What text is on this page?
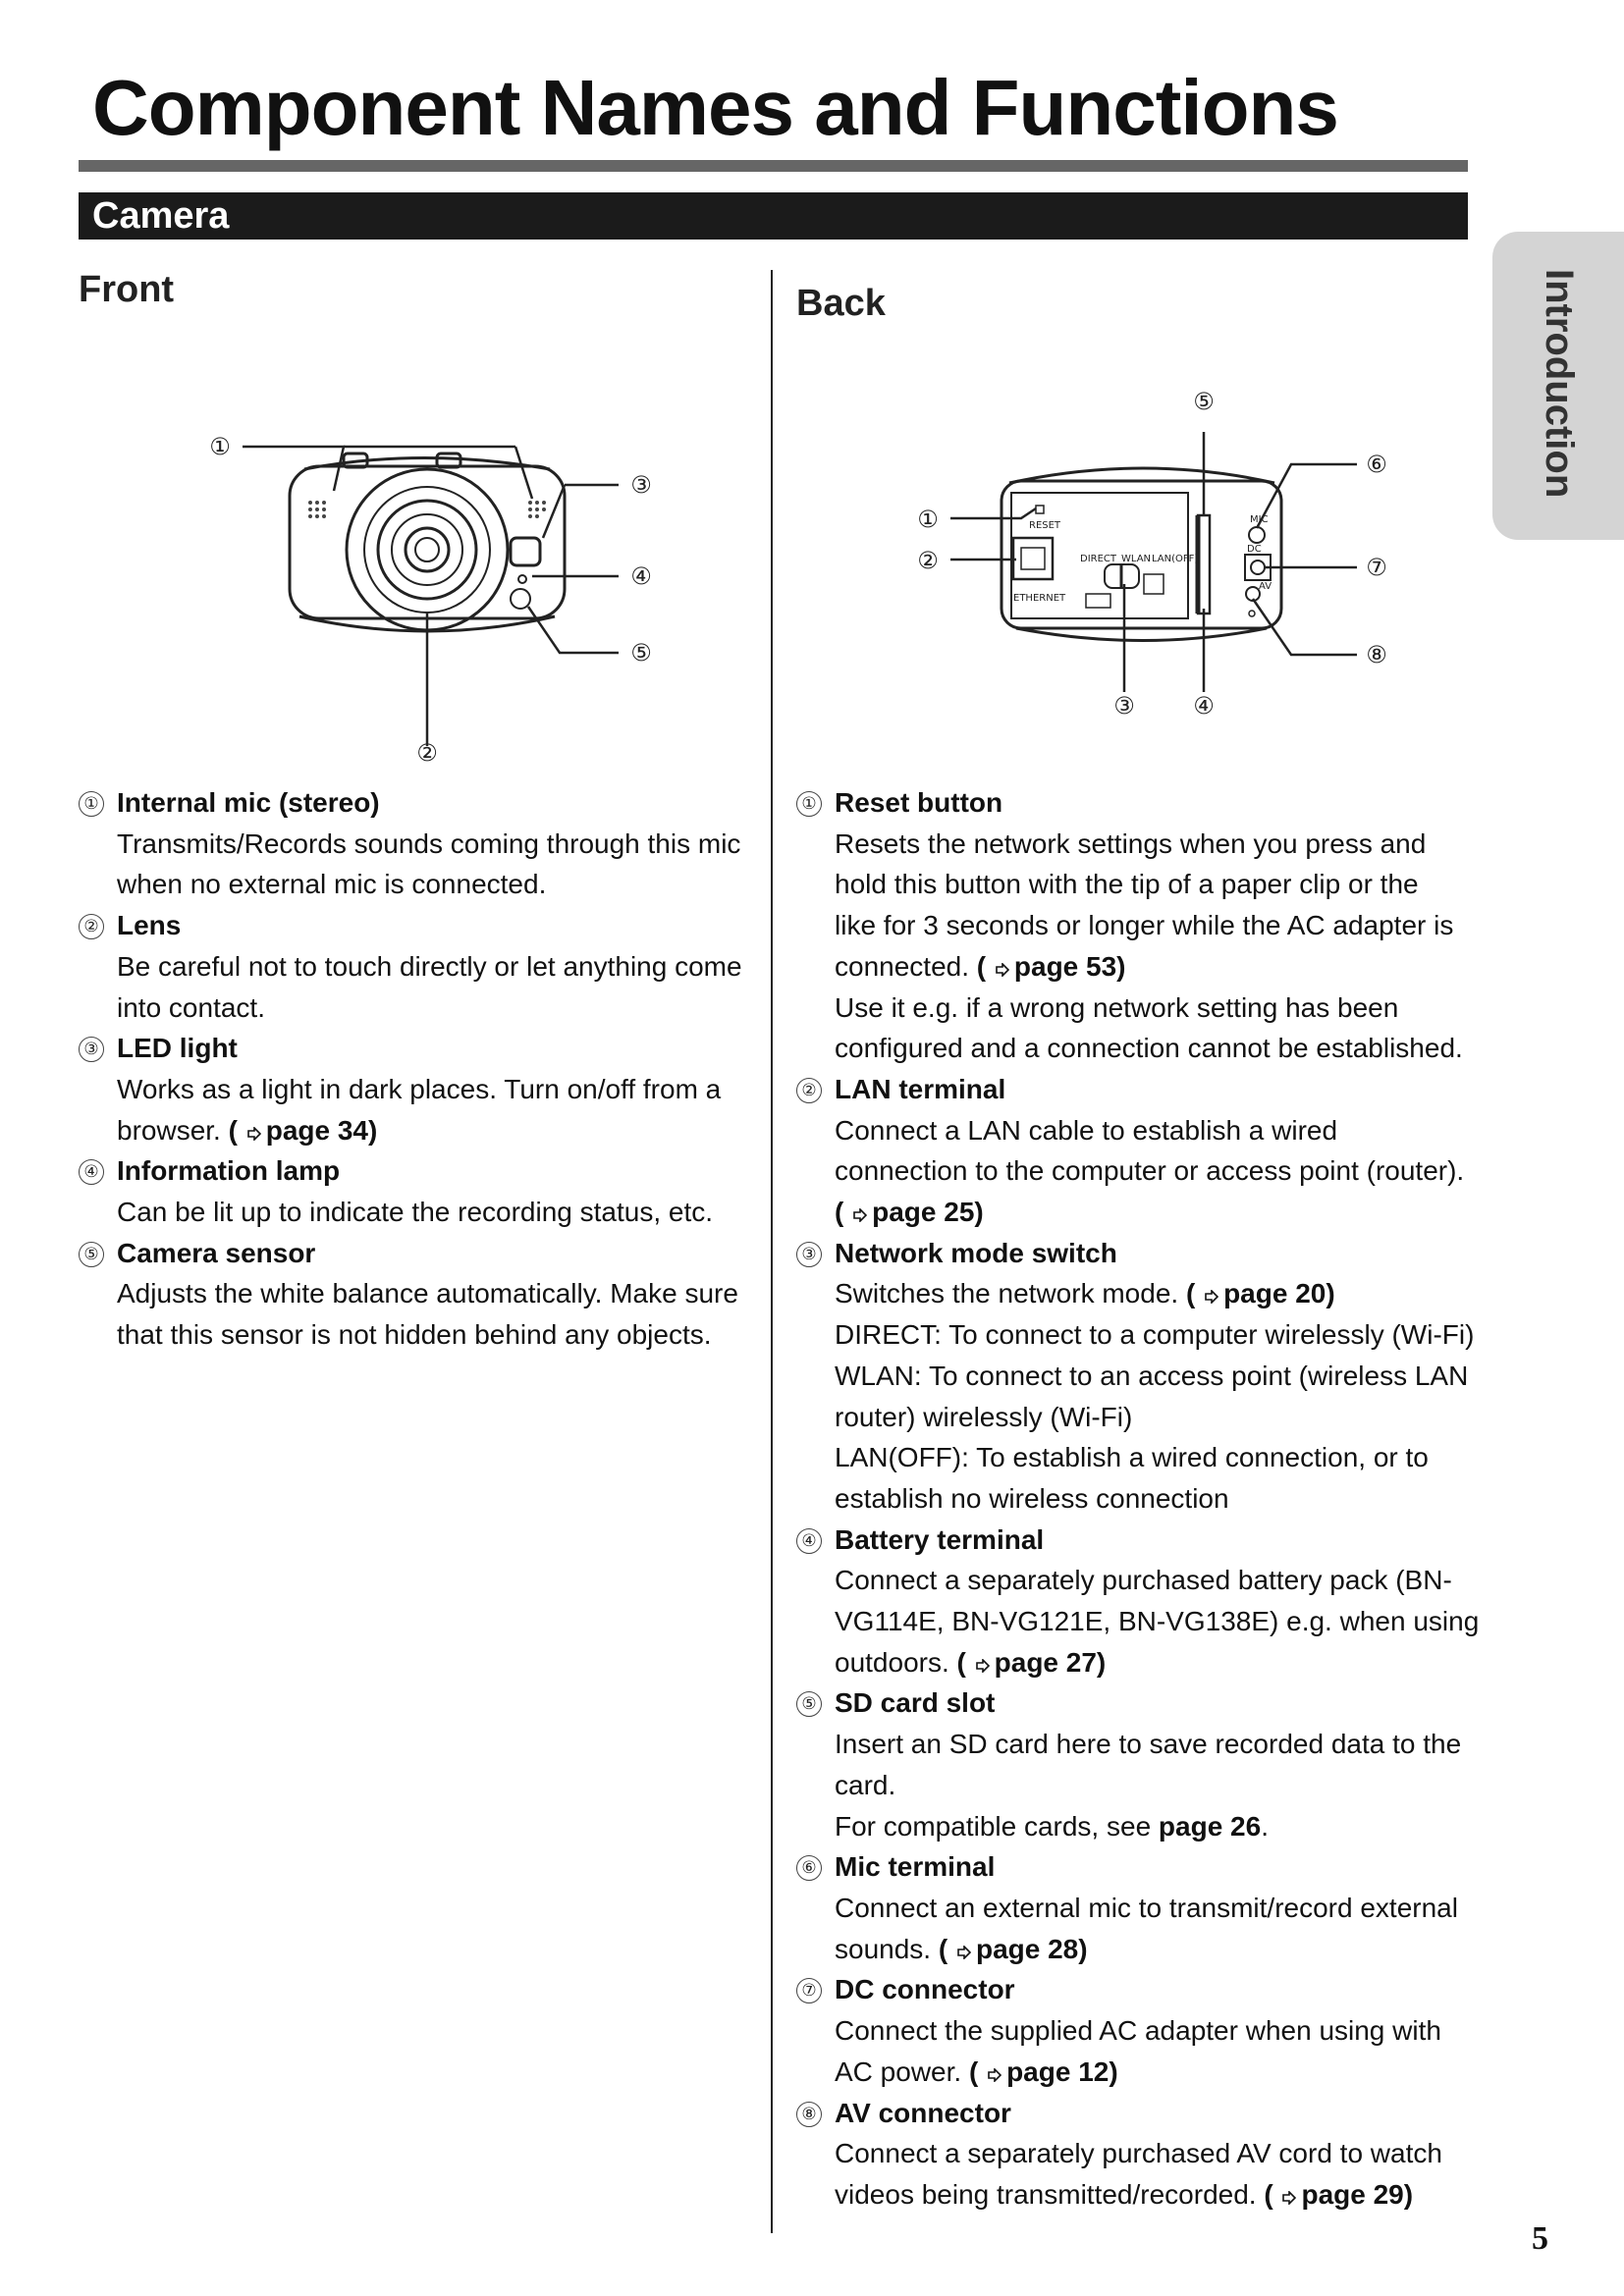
Component Names and Functions
Camera
Introduction
Front	Back
①
②
③
④
⑤
RESET
ETHERNET
DIRECT WLAN LAN(OFF)
MIC
DC
AV
①
②
③ ④
⑤
⑥
⑦
⑧
① Internal mic (stereo)
Transmits/Records sounds coming through this mic
when no external mic is connected.
② Lens
Be careful not to touch directly or let anything come
into contact.
③ LED light
Works as a light in dark places. Turn on/off from a
browser. ( page 34)
④ Information lamp
Can be lit up to indicate the recording status, etc.
⑤ Camera sensor
Adjusts the white balance automatically. Make sure
that this sensor is not hidden behind any objects.
① Reset button
Resets the network settings when you press and
hold this button with the tip of a paper clip or the
like for 3 seconds or longer while the AC adapter is
connected. ( page 53)
Use it e.g. if a wrong network setting has been
configured and a connection cannot be established.
② LAN terminal
Connect a LAN cable to establish a wired
connection to the computer or access point (router).
( page 25)
③ Network mode switch
Switches the network mode. ( page 20)
DIRECT: To connect to a computer wirelessly (Wi-Fi)
WLAN: To connect to an access point (wireless LAN
router) wirelessly (Wi-Fi)
LAN(OFF): To establish a wired connection, or to
establish no wireless connection
④ Battery terminal
Connect a separately purchased battery pack (BN-
VG114E, BN-VG121E, BN-VG138E) e.g. when using
outdoors. ( page 27)
⑤ SD card slot
Insert an SD card here to save recorded data to the
card.
For compatible cards, see page 26.
⑥ Mic terminal
Connect an external mic to transmit/record external
sounds. ( page 28)
⑦ DC connector
Connect the supplied AC adapter when using with
AC power. ( page 12)
⑧ AV connector
Connect a separately purchased AV cord to watch
videos being transmitted/recorded. ( page 29)
5
